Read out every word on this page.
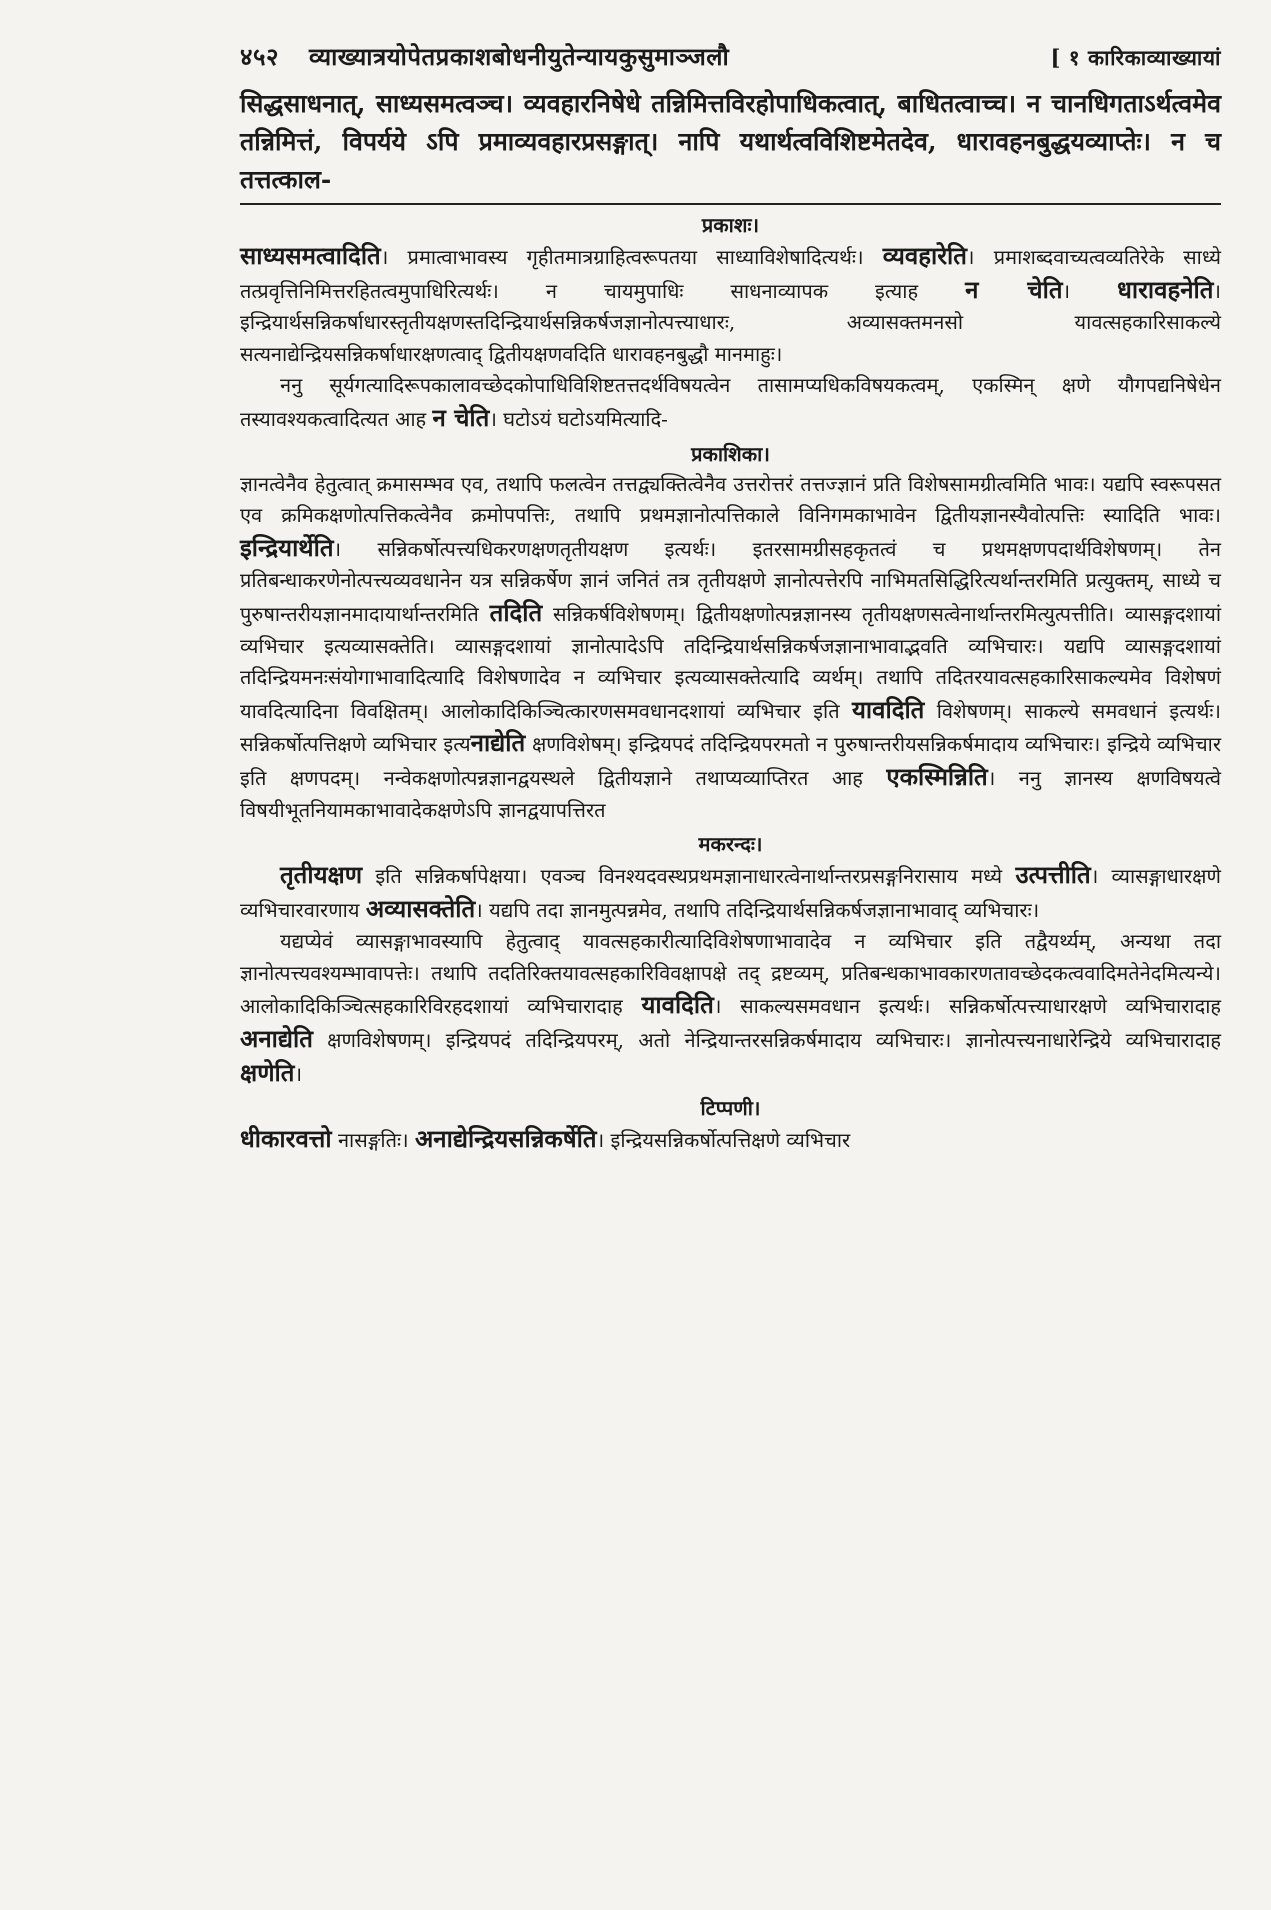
४५२ व्याख्यात्रयोपेतप्रकाशबोधनीयुतेन्यायकुसुमाञ्जलौ	[ १ कारिकाव्याख्यायां
सिद्धसाधनात्, साध्यसमत्वञ्च। व्यवहारनिषेधे तन्निमित्तविरहोपाधिकत्वात्, बाधितत्वाच्च। न चानधिगताऽर्थत्वमेव तन्निमित्तं, विपर्यये ऽपि प्रमाव्यवहारप्रसङ्गात्। नापि यथार्थत्वविशिष्टमेतदेव, धारावहनबुद्धयव्याप्तेः। न च तत्तत्काल-
प्रकाशः।

साध्यसमत्वादिति। प्रमात्वाभावस्य गृहीतमात्रग्राहित्वरूपतया साध्याविशेषादित्यर्थः। व्यवहारेति। प्रमाशब्दवाच्यत्वव्यतिरेके साध्ये तत्प्रवृत्तिनिमित्तरहितत्वमुपाधिरित्यर्थः। न चायमुपाधिः साधनाव्यापक इत्याह न चेति। धारावहनेति। इन्द्रियार्थसन्निकर्षाधारस्तृतीयक्षणस्तदिन्द्रियार्थसन्निकर्षजज्ञानोत्पत्त्याधारः, अव्यासक्तमनसो यावत्सहकारिसाकल्ये सत्यनाद्येन्द्रियसन्निकर्षाधारक्षणत्वाद् द्वितीयक्षणवदिति धारावहनबुद्धौ मानमाहुः।

ननु सूर्यगत्यादिरूपकालावच्छेदकोपाधिविशिष्टतत्तदर्थविषयत्वेन तासामप्यधिकविषयकत्वम्, एकस्मिन् क्षणे यौगपद्यनिषेधेन तस्यावश्यकत्वादित्यत आह न चेति। घटोऽयं घटोऽयमित्यादि-

प्रकाशिका।

ज्ञानत्वेनैव हेतुत्वात् क्रमासम्भव एव, तथापि फलत्वेन तत्तद्व्यक्तित्वेनैव उत्तरोत्तरं तत्तज्ज्ञानं प्रति विशेषसामग्रीत्वमिति भावः। यद्यपि स्वरूपसत एव क्रमिकक्षणोत्पत्तिकत्वेनैव क्रमोपपत्तिः, तथापि प्रथमज्ञानोत्पत्तिकाले विनिगमकाभावेन द्वितीयज्ञानस्यैवोत्पत्तिः स्यादिति भावः। इन्द्रियार्थेति। सन्निकर्षोत्पत्त्यधिकरणक्षणतृतीयक्षण इत्यर्थः। इतरसामग्रीसहकृतत्वं च प्रथमक्षणपदार्थविशेषणम्। तेन प्रतिबन्धाकरणेनोत्पत्त्यव्यवधानेन यत्र सन्निकर्षेण ज्ञानं जनितं तत्र तृतीयक्षणे ज्ञानोत्पत्तेरपि नाभिमतसिद्धिरित्यर्थान्तरमिति प्रत्युक्तम्, साध्ये च पुरुषान्तरीयज्ञानमादायार्थान्तरमिति तदिति सन्निकर्षविशेषणम्। द्वितीयक्षणोत्पन्नज्ञानस्य तृतीयक्षणसत्वेनार्थान्तरमित्युत्पत्तीति। व्यासङ्गदशायां व्यभिचार इत्यव्यासक्तेति। व्यासङ्गदशायां ज्ञानोत्पादेऽपि तदिन्द्रियार्थसन्निकर्षजज्ञानाभावाद्भवति व्यभिचारः। यद्यपि व्यासङ्गदशायां तदिन्द्रियमनःसंयोगाभावादित्यादि विशेषणादेव न व्यभिचार इत्यव्यासक्तेत्यादि व्यर्थम्। तथापि तदितरयावत्सहकारिसाकल्यमेव विशेषणं यावदित्यादिना विवक्षितम्। आलोकादिकिञ्चित्कारणसमवधानदशायां व्यभिचार इति यावदिति विशेषणम्। साकल्ये समवधानं इत्यर्थः। सन्निकर्षोत्पत्तिक्षणे व्यभिचार इत्यनाद्येति क्षणविशेषम्। इन्द्रियपदं तदिन्द्रियपरमतो न पुरुषान्तरीयसन्निकर्षमादाय व्यभिचारः। इन्द्रिये व्यभिचार इति क्षणपदम्। नन्वेकक्षणोत्पन्नज्ञानद्वयस्थले द्वितीयज्ञाने तथाप्यव्याप्तिरत आह एकस्मिन्निति। ननु ज्ञानस्य क्षणविषयत्वे विषयीभूतनियामकाभावादेकक्षणेऽपि ज्ञानद्वयापत्तिरत

मकरन्दः।

तृतीयक्षण इति सन्निकर्षापेक्षया। एवञ्च विनश्यदवस्थप्रथमज्ञानाधारत्वेनार्थान्तरप्रसङ्गनिरासाय मध्ये उत्पत्तीति। व्यासङ्गाधारक्षणे व्यभिचारवारणाय अव्यासक्तेति। यद्यपि तदा ज्ञानमुत्पन्नमेव, तथापि तदिन्द्रियार्थसन्निकर्षजज्ञानाभावाद् व्यभिचारः।

यद्यप्येवं व्यासङ्गाभावस्यापि हेतुत्वाद् यावत्सहकारीत्यादिविशेषणाभावादेव न व्यभिचार इति तद्वैयर्थ्यम्, अन्यथा तदा ज्ञानोत्पत्त्यवश्यम्भावापत्तेः। तथापि तदतिरिक्तयावत्सहकारिविवक्षापक्षे तद् द्रष्टव्यम्, प्रतिबन्धकाभावकारणतावच्छेदकत्ववादिमतेनेदमित्यन्ये। आलोकादिकिञ्चित्सहकारिविरहदशायां व्यभिचारादाह यावदिति। साकल्यसमवधान इत्यर्थः। सन्निकर्षोत्पत्त्याधारक्षणे व्यभिचारादाह अनाद्येति क्षणविशेषणम्। इन्द्रियपदं तदिन्द्रियपरम्, अतो नेन्द्रियान्तरसन्निकर्षमादाय व्यभिचारः। ज्ञानोत्पत्त्यनाधारेन्द्रिये व्यभिचारादाह क्षणेति।

टिप्पणी।

धीकारवत्तो नासङ्गतिः। अनाद्येन्द्रियसन्निकर्षेति। इन्द्रियसन्निकर्षोत्पत्तिक्षणे व्यभिचार
